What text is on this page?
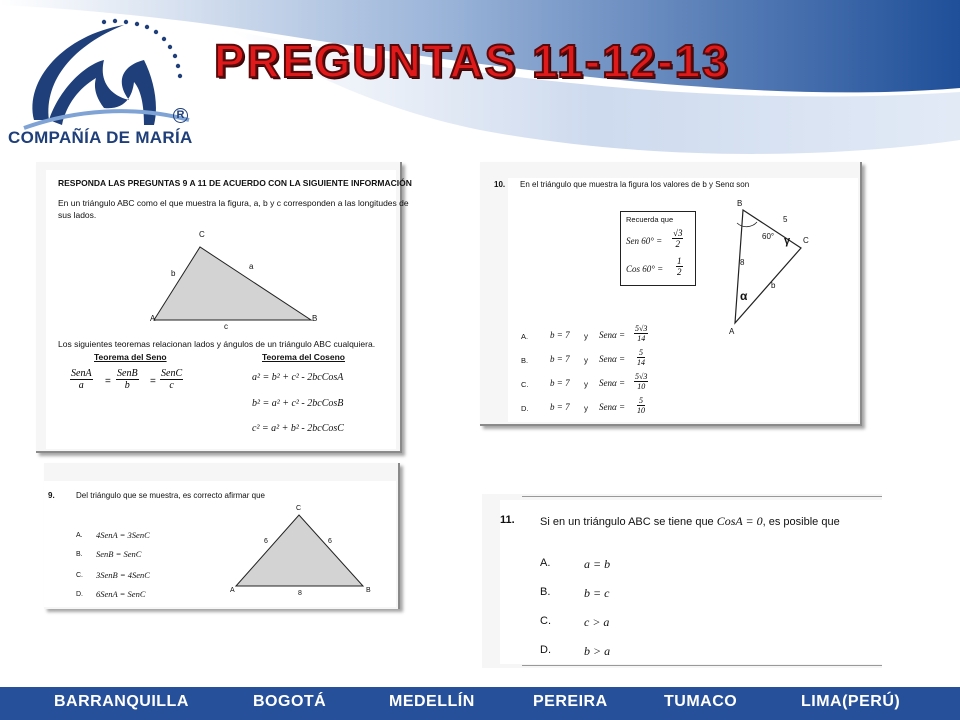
COMPAÑÍA DE MARÍA
R
PREGUNTAS 11-12-13
RESPONDA LAS PREGUNTAS 9 A 11 DE ACUERDO CON LA SIGUIENTE INFORMACIÓN
En un triángulo ABC como el que muestra la figura, a, b y c corresponden a las longitudes de
sus lados.
A
C
B
b
a
c
Los siguientes teoremas relacionan lados y ángulos de un triángulo ABC cualquiera.
Teorema del Seno	Teorema del Coseno
SenA
a	=
SenB
b	=
SenC
c
a² = b² + c² - 2bcCosA
b² = a² + c² - 2bcCosB
c² = a² + b² - 2bcCosC
10. En el triángulo que muestra la figura los valores de b y Senα son
Recuerda que
Sen $60^\circ = \frac{√3}{2}$
Cos $60^\circ = \frac{1}{2}$
B
C
A
5
8
b
60° γ
α
A. b = 7 y $Sen\alpha = \frac{5√3}{14}$
B. b = 7 y $Sen\alpha = \frac{5}{14}$
C. b = 7 y $Sen\alpha = \frac{5√3}{10}$
D. b = 7 y $Sen\alpha = \frac{5}{10}$
9.	Del triángulo que se muestra, es correcto afirmar que
A. 4SenA = 3SenC
B. SenB = SenC
C. 3SenB = 4SenC
D. 6SenA = SenC
C
A	B
6	6
8
11. Si en un triángulo ABC se tiene que CosA = 0, es posible que
A.	a = b
B.	b = c
C.	c > a
D.	b > a
BARRANQUILLA	BOGOTÁ	MEDELLÍN	PEREIRA	TUMACO	LIMA(PERÚ)
